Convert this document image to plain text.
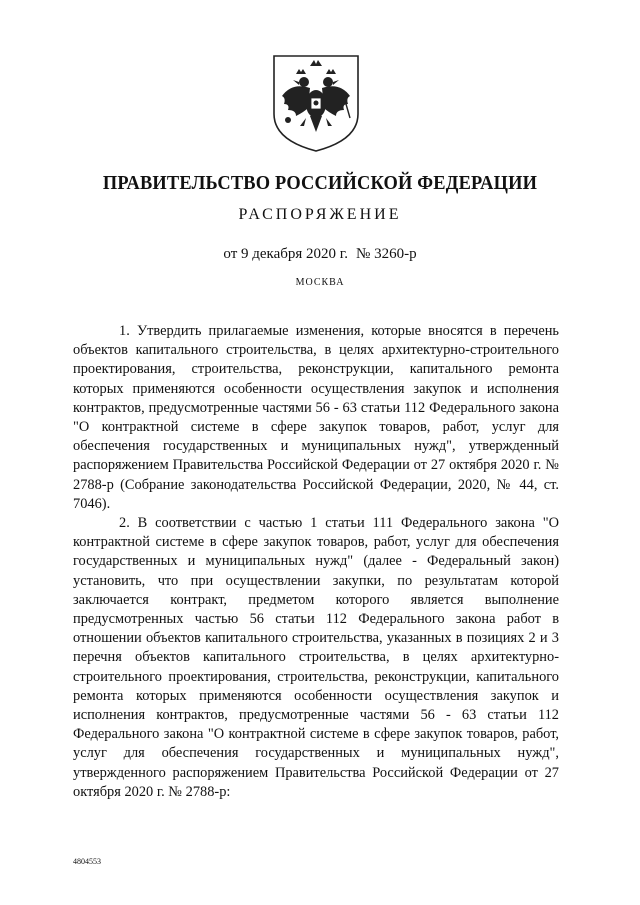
ПРАВИТЕЛЬСТВО РОССИЙСКОЙ ФЕДЕРАЦИИ
РАСПОРЯЖЕНИЕ
от 9 декабря 2020 г. № 3260-р
МОСКВА

1. Утвердить прилагаемые изменения, которые вносятся в перечень объектов капитального строительства, в целях архитектурно-строительного проектирования, строительства, реконструкции, капитального ремонта которых применяются особенности осуществления закупок и исполнения контрактов, предусмотренные частями 56 - 63 статьи 112 Федерального закона "О контрактной системе в сфере закупок товаров, работ, услуг для обеспечения государственных и муниципальных нужд", утвержденный распоряжением Правительства Российской Федерации от 27 октября 2020 г. № 2788-р (Собрание законодательства Российской Федерации, 2020, № 44, ст. 7046).

2. В соответствии с частью 1 статьи 111 Федерального закона "О контрактной системе в сфере закупок товаров, работ, услуг для обеспечения государственных и муниципальных нужд" (далее - Федеральный закон) установить, что при осуществлении закупки, по результатам которой заключается контракт, предметом которого является выполнение предусмотренных частью 56 статьи 112 Федерального закона работ в отношении объектов капитального строительства, указанных в позициях 2 и 3 перечня объектов капитального строительства, в целях архитектурно-строительного проектирования, строительства, реконструкции, капитального ремонта которых применяются особенности осуществления закупок и исполнения контрактов, предусмотренные частями 56 - 63 статьи 112 Федерального закона "О контрактной системе в сфере закупок товаров, работ, услуг для обеспечения государственных и муниципальных нужд", утвержденного распоряжением Правительства Российской Федерации от 27 октября 2020 г. № 2788-р:

4804553
